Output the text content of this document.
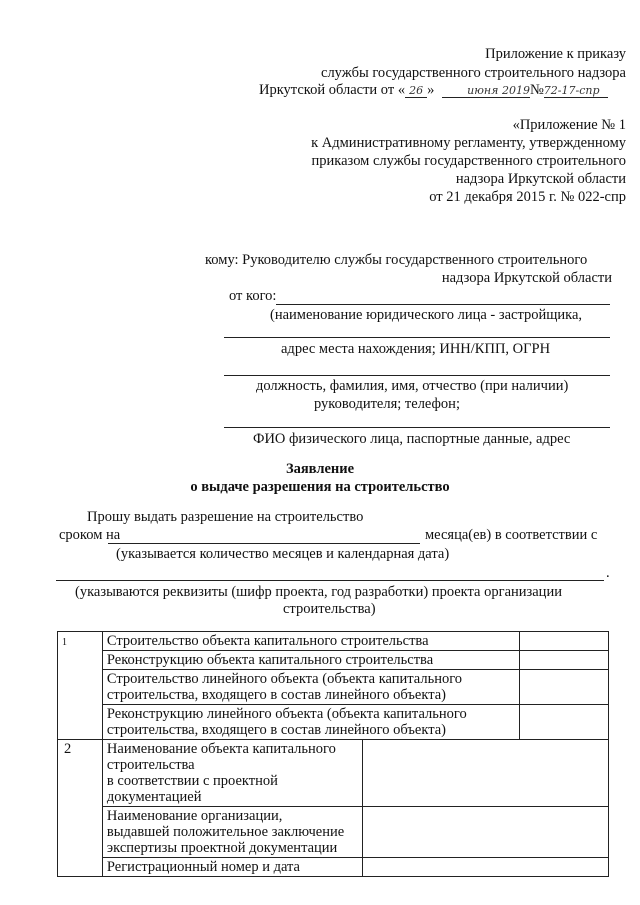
Приложение к приказу
службы государственного строительного надзора
Иркутской области от « 26 »	июня 2019№72-17-спр
«Приложение № 1
к Административному регламенту, утвержденному
приказом службы государственного строительного
надзора Иркутской области
от 21 декабря 2015 г. № 022-спр
кому: Руководителю службы государственного строительного
надзора Иркутской области
от кого:
(наименование юридического лица - застройщика,
адрес места нахождения; ИНН/КПП, ОГРН
должность, фамилия, имя, отчество (при наличии)
руководителя; телефон;
ФИО физического лица, паспортные данные, адрес
Заявление
о выдаче разрешения на строительство
Прошу выдать разрешение на строительство
сроком на	месяца(ев) в соответствии с
(указывается количество месяцев и календарная дата)
.
(указываются реквизиты (шифр проекта, год разработки) проекта организации
строительства)
1	Строительство объекта капитального строительства		
	Реконструкцию объекта капитального строительства		

	Строительство линейного объекта (объекта капитального
строительства, входящего в состав линейного объекта)		

	Реконструкцию линейного объекта (объекта капитального
строительства, входящего в состав линейного объекта)		

2	Наименование объекта капитального
строительства
в соответствии с проектной
документацией		

	Наименование организации,
выдавшей положительное заключение
экспертизы проектной документации		

	Регистрационный номер и дата		
